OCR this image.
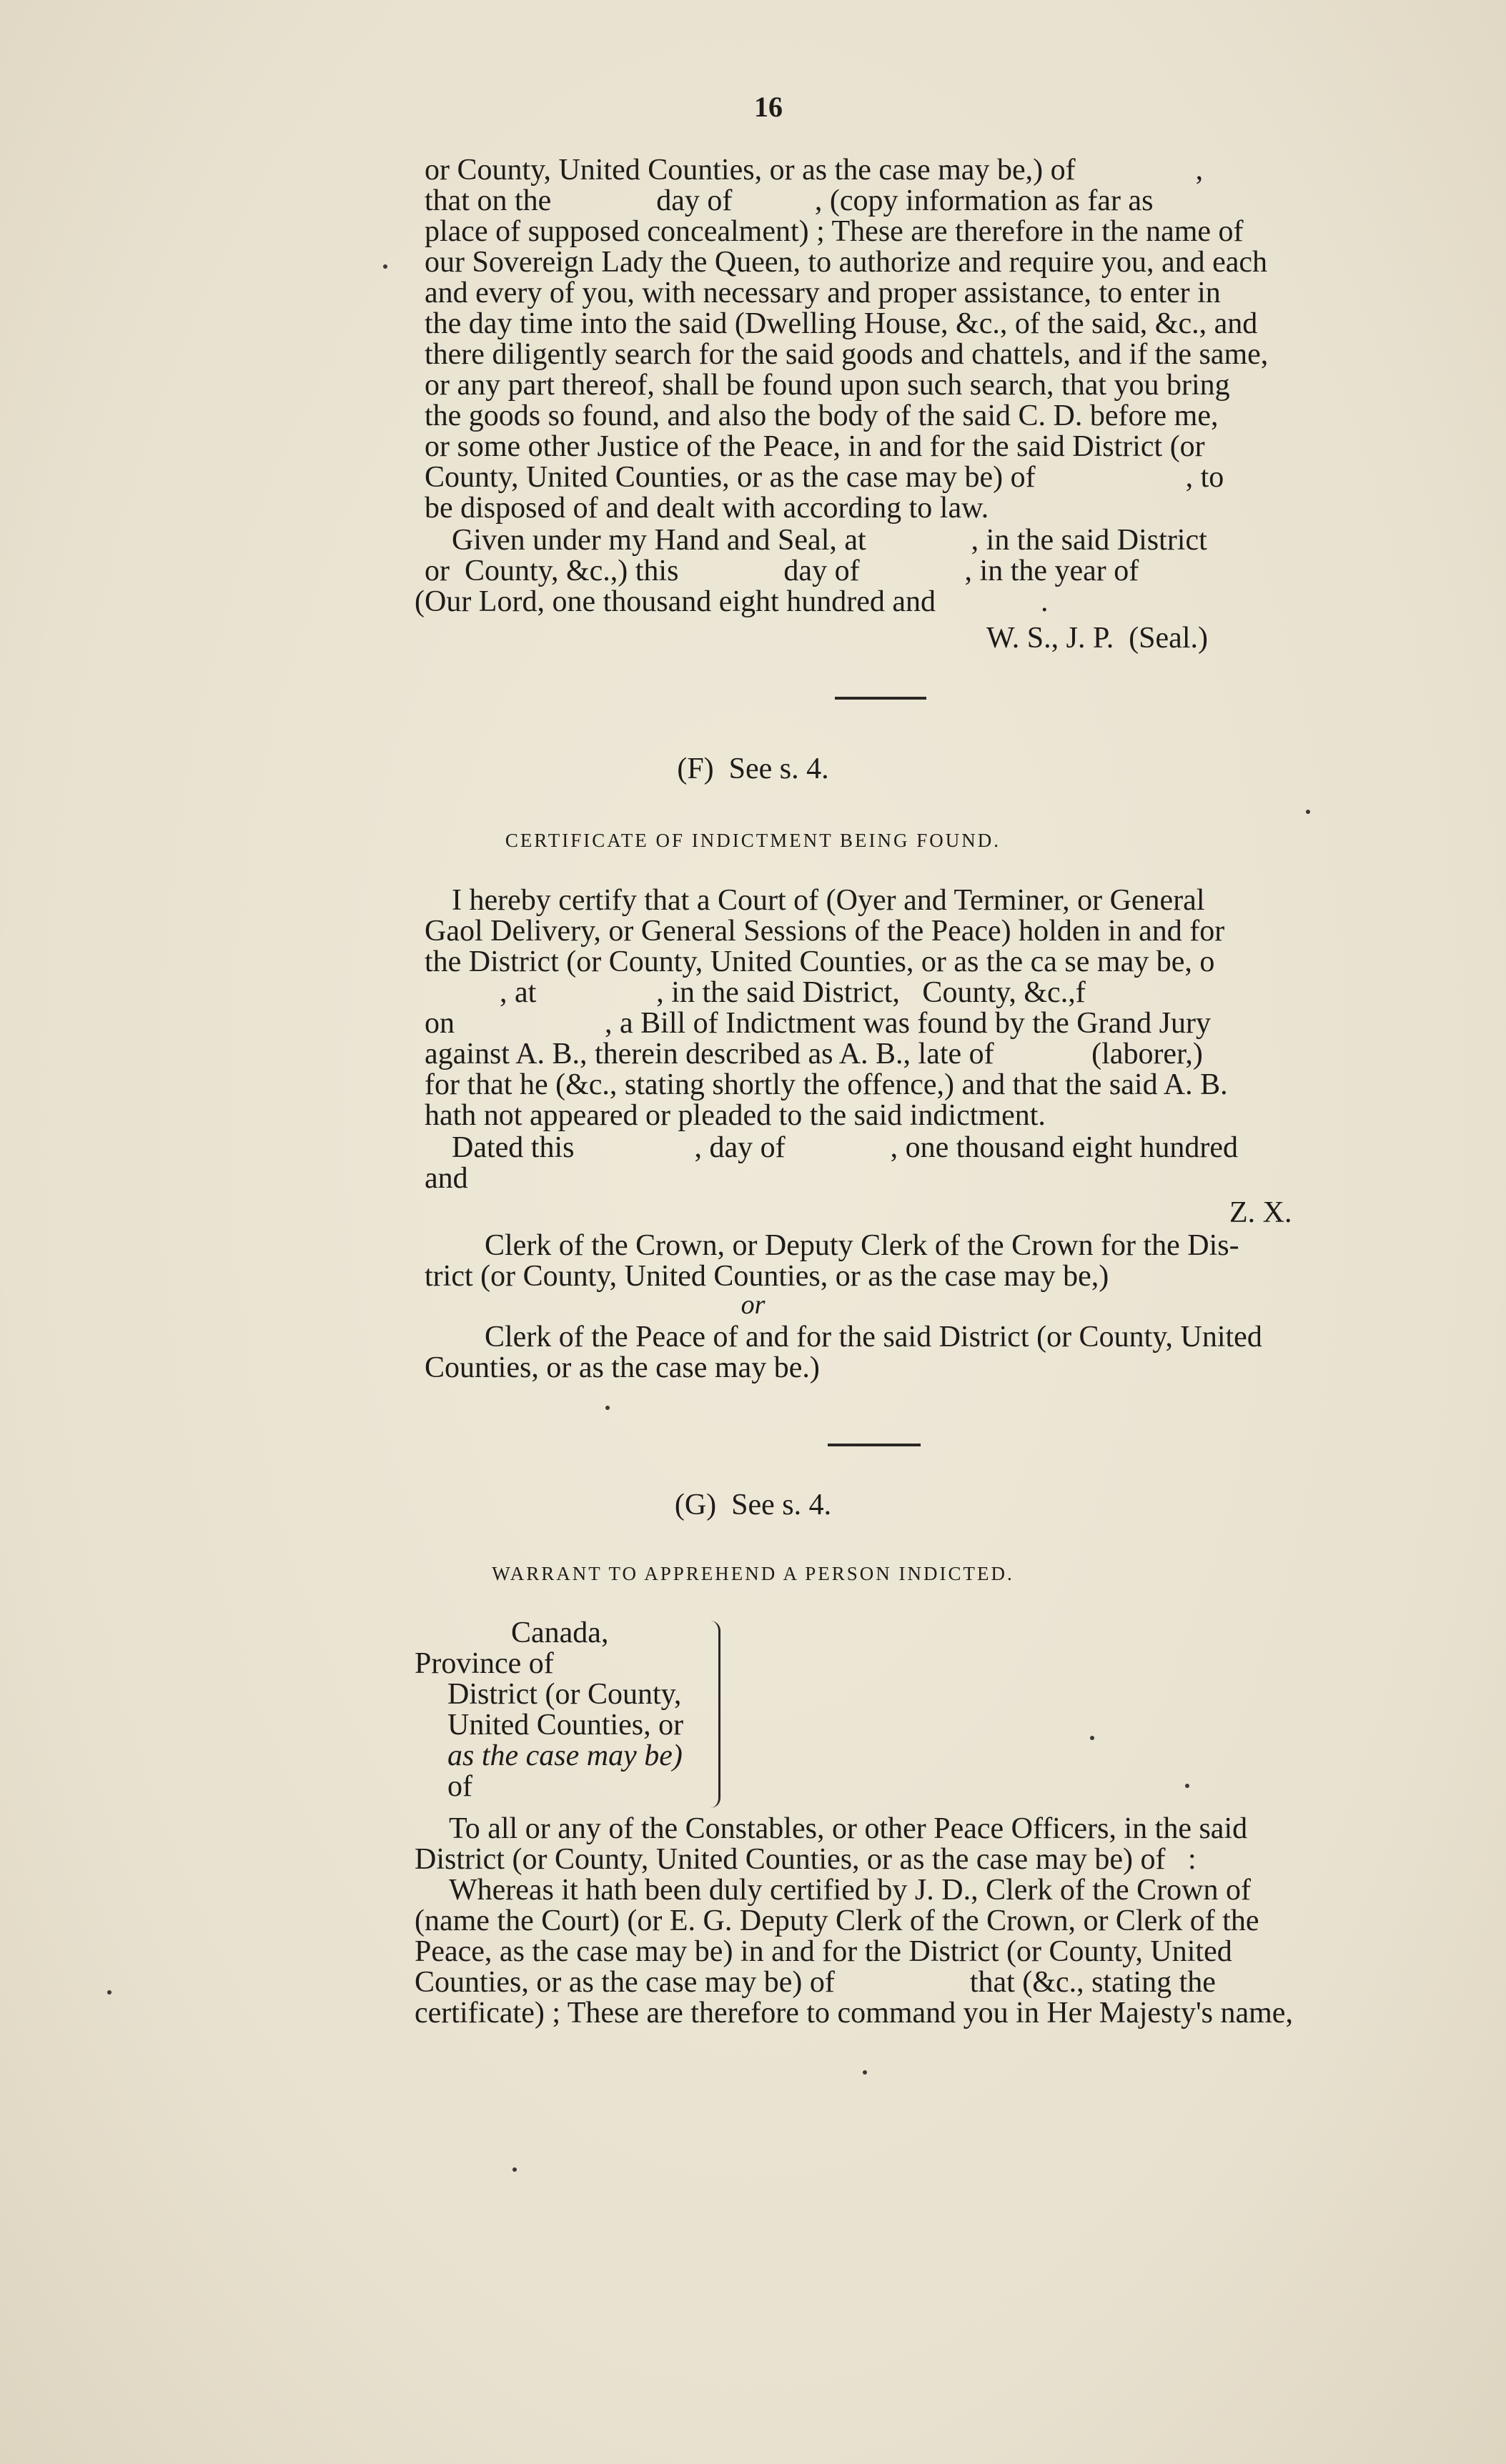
16
or County, United Counties, or as the case may be,) of                ,
that on the              day of           , (copy information as far as
place of supposed concealment) ; These are therefore in the name of
our Sovereign Lady the Queen, to authorize and require you, and each
and every of you, with necessary and proper assistance, to enter in
the day time into the said (Dwelling House, &c., of the said, &c., and
there diligently search for the said goods and chattels, and if the same,
or any part thereof, shall be found upon such search, that you bring
the goods so found, and also the body of the said C. D. before me,
or some other Justice of the Peace, in and for the said District (or
County, United Counties, or as the case may be) of                    , to
be disposed of and dealt with according to law.
Given under my Hand and Seal, at              , in the said District
or  County, &c.,) this              day of              , in the year of
(Our Lord, one thousand eight hundred and              .
W. S., J. P.  (Seal.)
(F)  See s. 4.
CERTIFICATE OF INDICTMENT BEING FOUND.
I hereby certify that a Court of (Oyer and Terminer, or General
Gaol Delivery, or General Sessions of the Peace) holden in and for
the District (or County, United Counties, or as the ca se may be, o
, at                , in the said District,   County, &c.,f
on                    , a Bill of Indictment was found by the Grand Jury
against A. B., therein described as A. B., late of             (laborer,)
for that he (&c., stating shortly the offence,) and that the said A. B.
hath not appeared or pleaded to the said indictment.
Dated this                , day of              , one thousand eight hundred
and
Z. X.
Clerk of the Crown, or Deputy Clerk of the Crown for the Dis-
trict (or County, United Counties, or as the case may be,)
or
Clerk of the Peace of and for the said District (or County, United
Counties, or as the case may be.)
(G)  See s. 4.
WARRANT TO APPREHEND A PERSON INDICTED.
Canada,
Province of
District (or County,
United Counties, or
as the case may be)
of
To all or any of the Constables, or other Peace Officers, in the said
District (or County, United Counties, or as the case may be) of   :
Whereas it hath been duly certified by J. D., Clerk of the Crown of
(name the Court) (or E. G. Deputy Clerk of the Crown, or Clerk of the
Peace, as the case may be) in and for the District (or County, United
Counties, or as the case may be) of                  that (&c., stating the
certificate) ; These are therefore to command you in Her Majesty's name,
